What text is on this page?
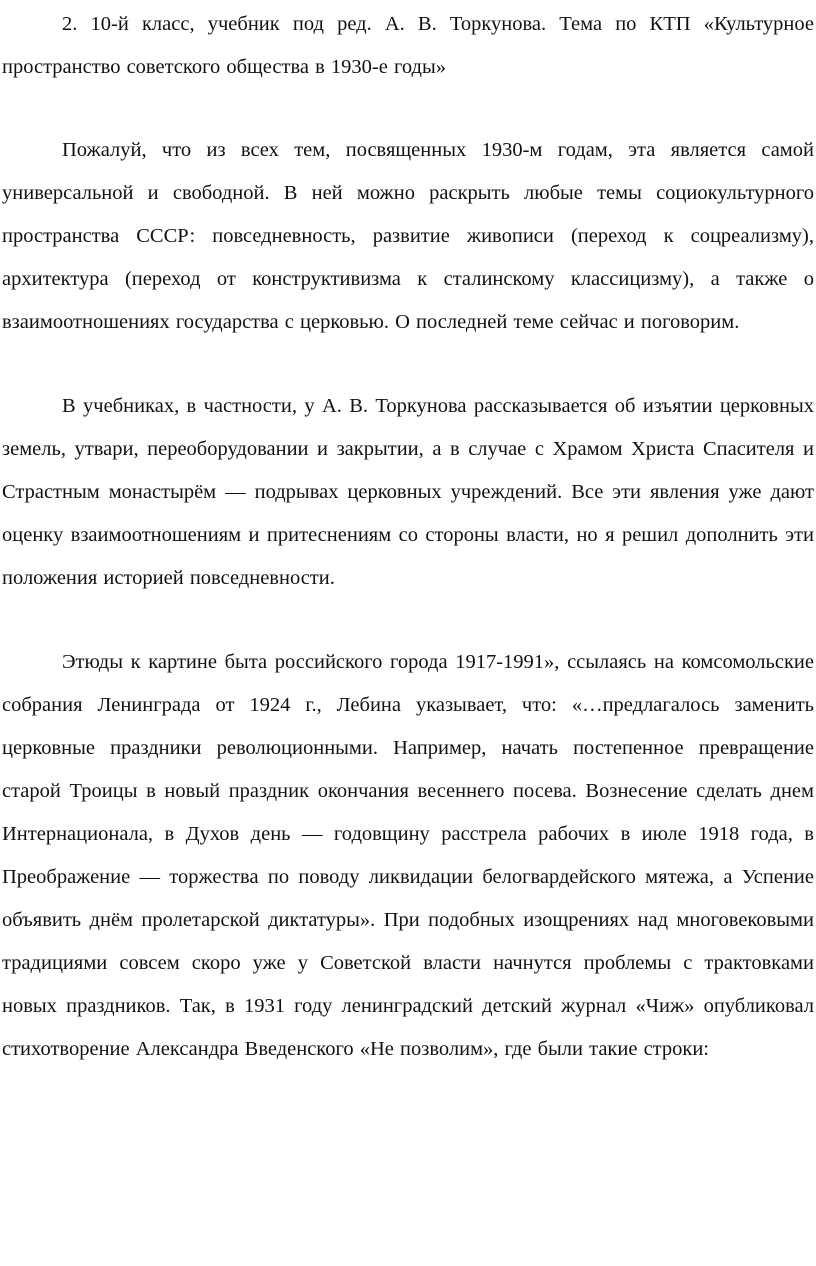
2. 10-й класс, учебник под ред. А. В. Торкунова. Тема по КТП «Культурное пространство советского общества в 1930-е годы»

Пожалуй, что из всех тем, посвященных 1930-м годам, эта является самой универсальной и свободной. В ней можно раскрыть любые темы социокультурного пространства СССР: повседневность, развитие живописи (переход к соцреализму), архитектура (переход от конструктивизма к сталинскому классицизму), а также о взаимоотношениях государства с церковью. О последней теме сейчас и поговорим.

В учебниках, в частности, у А. В. Торкунова рассказывается об изъятии церковных земель, утвари, переоборудовании и закрытии, а в случае с Храмом Христа Спасителя и Страстным монастырём — подрывах церковных учреждений. Все эти явления уже дают оценку взаимоотношениям и притеснениям со стороны власти, но я решил дополнить эти положения историей повседневности.

Этюды к картине быта российского города 1917-1991», ссылаясь на комсомольские собрания Ленинграда от 1924 г., Лебина указывает, что: «…предлагалось заменить церковные праздники революционными. Например, начать постепенное превращение старой Троицы в новый праздник окончания весеннего посева. Вознесение сделать днем Интернационала, в Духов день — годовщину расстрела рабочих в июле 1918 года, в Преображение — торжества по поводу ликвидации белогвардейского мятежа, а Успение объявить днём пролетарской диктатуры». При подобных изощрениях над многовековыми традициями совсем скоро уже у Советской власти начнутся проблемы с трактовками новых праздников. Так, в 1931 году ленинградский детский журнал «Чиж» опубликовал стихотворение Александра Введенского «Не позволим», где были такие строки:
